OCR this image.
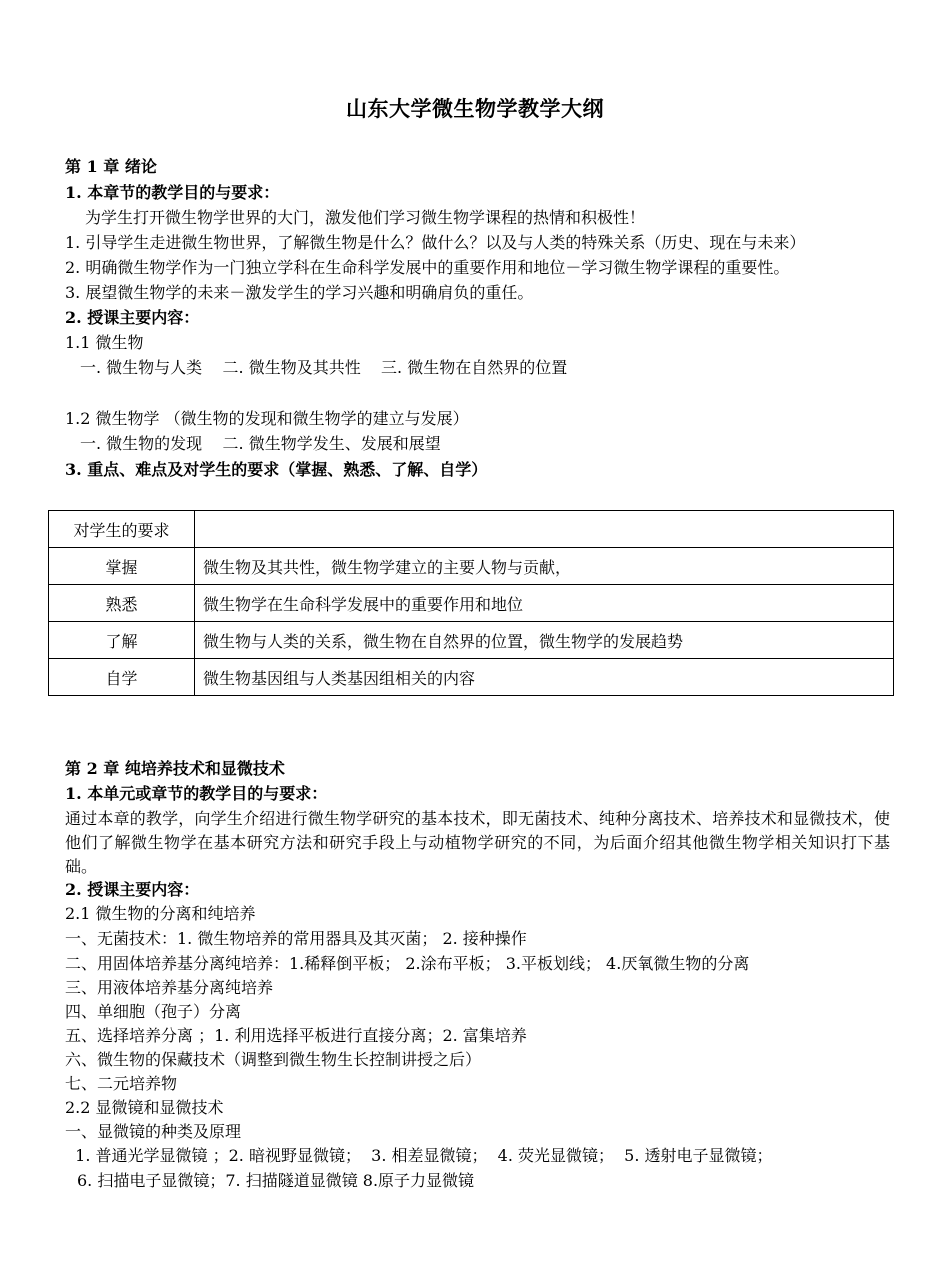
山东大学微生物学教学大纲
第 1 章 绪论
1. 本章节的教学目的与要求：
为学生打开微生物学世界的大门，激发他们学习微生物学课程的热情和积极性！
1. 引导学生走进微生物世界，了解微生物是什么？做什么？以及与人类的特殊关系（历史、现在与未来）
2. 明确微生物学作为一门独立学科在生命科学发展中的重要作用和地位－学习微生物学课程的重要性。
3. 展望微生物学的未来－激发学生的学习兴趣和明确肩负的重任。
2. 授课主要内容：
1.1 微生物
一. 微生物与人类    二. 微生物及其共性    三. 微生物在自然界的位置
1.2 微生物学 （微生物的发现和微生物学的建立与发展）
一. 微生物的发现    二. 微生物学发生、发展和展望
3. 重点、难点及对学生的要求（掌握、熟悉、了解、自学）
对学生的要求	
掌握	微生物及其共性，微生物学建立的主要人物与贡献，
熟悉	微生物学在生命科学发展中的重要作用和地位
了解	微生物与人类的关系，微生物在自然界的位置，微生物学的发展趋势
自学	微生物基因组与人类基因组相关的内容
第 2 章 纯培养技术和显微技术
1. 本单元或章节的教学目的与要求：
通过本章的教学，向学生介绍进行微生物学研究的基本技术，即无菌技术、纯种分离技术、培养技术和显微技术，使他们了解微生物学在基本研究方法和研究手段上与动植物学研究的不同，为后面介绍其他微生物学相关知识打下基础。
2. 授课主要内容：
2.1 微生物的分离和纯培养
一、无菌技术：1. 微生物培养的常用器具及其灭菌； 2. 接种操作
二、用固体培养基分离纯培养：1.稀释倒平板； 2.涂布平板； 3.平板划线； 4.厌氧微生物的分离
三、用液体培养基分离纯培养
四、单细胞（孢子）分离
五、选择培养分离 ；1. 利用选择平板进行直接分离；2. 富集培养
六、微生物的保藏技术（调整到微生物生长控制讲授之后）
七、二元培养物
2.2 显微镜和显微技术
一、显微镜的种类及原理
1. 普通光学显微镜 ；2. 暗视野显微镜；  3. 相差显微镜；  4. 荧光显微镜；  5. 透射电子显微镜；
6. 扫描电子显微镜；7. 扫描隧道显微镜 8.原子力显微镜
